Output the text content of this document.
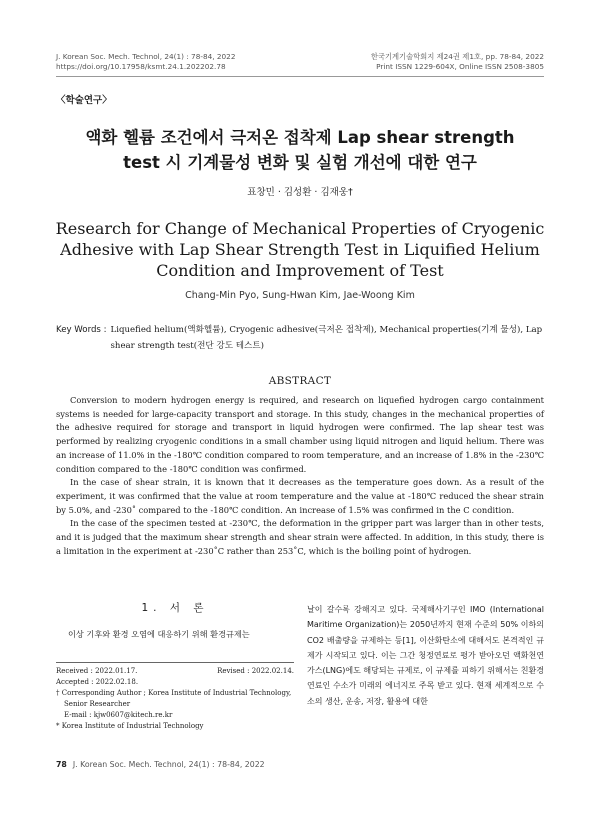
J. Korean Soc. Mech. Technol, 24(1) : 78-84, 2022
https://doi.org/10.17958/ksmt.24.1.202202.78
한국기계기술학회지 제24권 제1호, pp. 78-84, 2022
Print ISSN 1229-604X, Online ISSN 2508-3805
〈학술연구〉
액화 헬륨 조건에서 극저온 접착제 Lap shear strength
test 시 기계물성 변화 및 실험 개선에 대한 연구
표창민 · 김성환 · 김재웅†
Research for Change of Mechanical Properties of Cryogenic
Adhesive with Lap Shear Strength Test in Liquified Helium
Condition and Improvement of Test
Chang-Min Pyo, Sung-Hwan Kim, Jae-Woong Kim
Key Words : Liquefied helium(액화헬륨), Cryogenic adhesive(극저온 접착제), Mechanical properties(기계 물성), Lap shear strength test(전단 강도 테스트)
ABSTRACT

Conversion to modern hydrogen energy is required, and research on liquefied hydrogen cargo containment systems is needed for large-capacity transport and storage. In this study, changes in the mechanical properties of the adhesive required for storage and transport in liquid hydrogen were confirmed. The lap shear test was performed by realizing cryogenic conditions in a small chamber using liquid nitrogen and liquid helium. There was an increase of 11.0% in the -180℃ condition compared to room temperature, and an increase of 1.8% in the -230℃ condition compared to the -180℃ condition was confirmed.

In the case of shear strain, it is known that it decreases as the temperature goes down. As a result of the experiment, it was confirmed that the value at room temperature and the value at -180℃ reduced the shear strain by 5.0%, and -230˚ compared to the -180℃ condition. An increase of 1.5% was confirmed in the C condition.

In the case of the specimen tested at -230℃, the deformation in the gripper part was larger than in other tests, and it is judged that the maximum shear strength and shear strain were affected. In addition, in this study, there is a limitation in the experiment at -230˚C rather than 253˚C, which is the boiling point of hydrogen.

1. 서 론

이상 기후와 환경 오염에 대응하기 위해 환경규제는

Received : 2022.01.17.	Revised : 2022.02.14.
Accepted : 2022.02.18.
† Corresponding Author ; Korea Institute of Industrial Technology,
Senior Researcher
E-mail : kjw0607@kitech.re.kr
* Korea Institute of Industrial Technology

날이 갈수록 강해지고 있다. 국제해사기구인 IMO (International Maritime Organization)는 2050년까지 현재 수준의 50% 이하의 CO2 배출량을 규제하는 등[1], 이산화탄소에 대해서도 본격적인 규제가 시작되고 있다. 이는 그간 청정연료로 평가 받아오던 액화천연가스(LNG)에도 해당되는 규제로, 이 규제를 피하기 위해서는 친환경 연료인 수소가 미래의 에너지로 주목 받고 있다. 현재 세계적으로 수소의 생산, 운송, 저장, 활용에 대한

78 J. Korean Soc. Mech. Technol, 24(1) : 78-84, 2022
